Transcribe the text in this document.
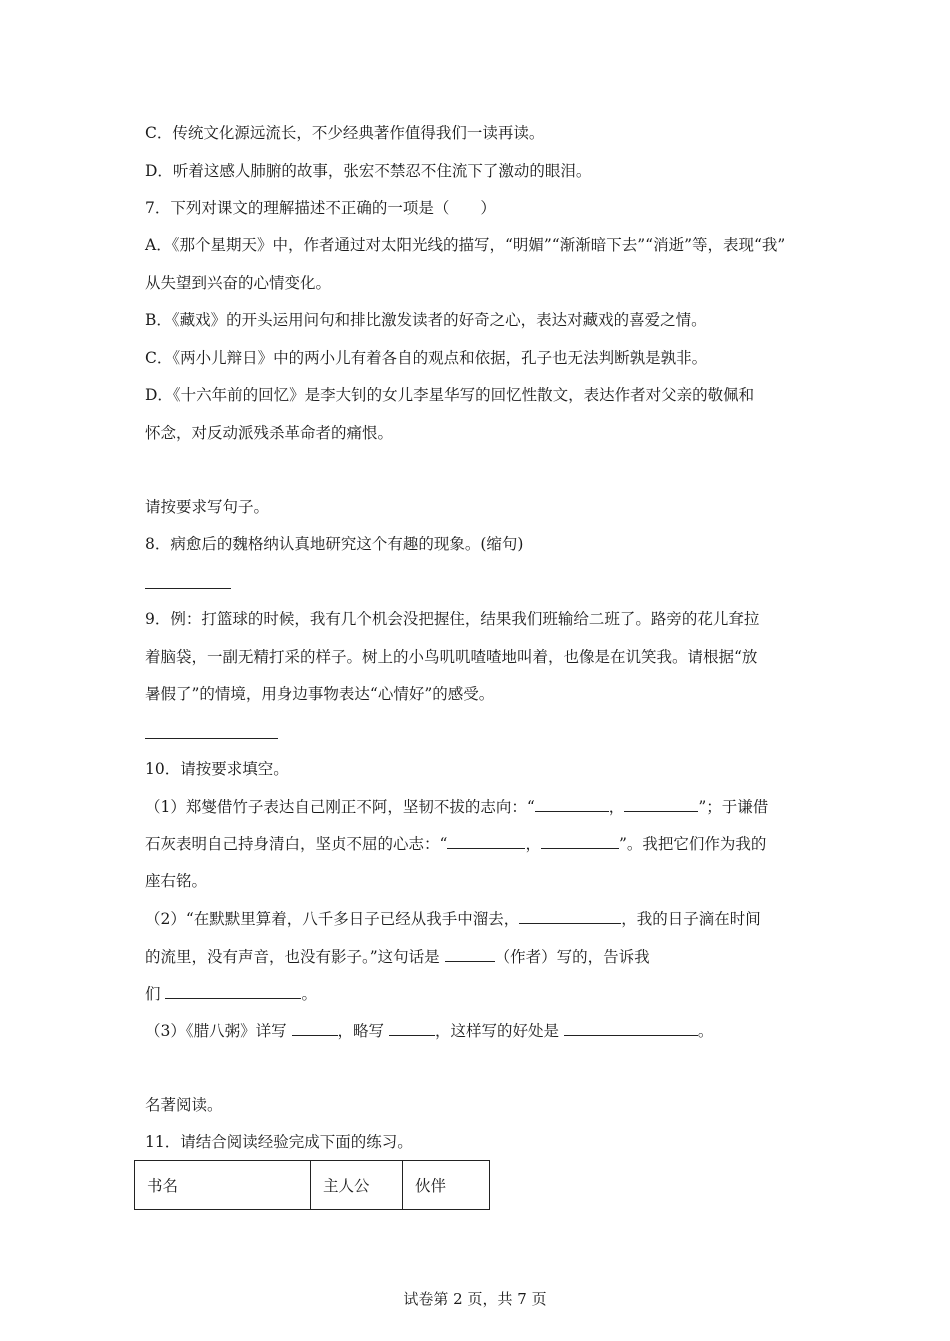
C．传统文化源远流长，不少经典著作值得我们一读再读。
D．听着这感人肺腑的故事，张宏不禁忍不住流下了激动的眼泪。
7．下列对课文的理解描述不正确的一项是（　　）
A．《那个星期天》中，作者通过对太阳光线的描写，“明媚”“渐渐暗下去”“消逝”等，表现“我”
从失望到兴奋的心情变化。
B．《藏戏》的开头运用问句和排比激发读者的好奇之心，表达对藏戏的喜爱之情。
C．《两小儿辩日》中的两小儿有着各自的观点和依据，孔子也无法判断孰是孰非。
D．《十六年前的回忆》是李大钊的女儿李星华写的回忆性散文，表达作者对父亲的敬佩和
怀念，对反动派残杀革命者的痛恨。
请按要求写句子。
8．病愈后的魏格纳认真地研究这个有趣的现象。(缩句)
9．例：打篮球的时候，我有几个机会没把握住，结果我们班输给二班了。路旁的花儿耷拉
着脑袋，一副无精打采的样子。树上的小鸟叽叽喳喳地叫着，也像是在讥笑我。请根据“放
暑假了”的情境，用身边事物表达“心情好”的感受。
10．请按要求填空。
（1）郑燮借竹子表达自己刚正不阿，坚韧不拔的志向：“	，	”；于谦借
石灰表明自己持身清白，坚贞不屈的心志：“	，	”。我把它们作为我的
座右铭。
（2）“在默默里算着，八千多日子已经从我手中溜去，	，我的日子滴在时间
的流里，没有声音，也没有影子。”这句话是	（作者）写的，告诉我
们	。
（3）《腊八粥》详写	，略写	，这样写的好处是	。
名著阅读。
11．请结合阅读经验完成下面的练习。
书名	主人公	伙伴
试卷第 2 页，共 7 页
